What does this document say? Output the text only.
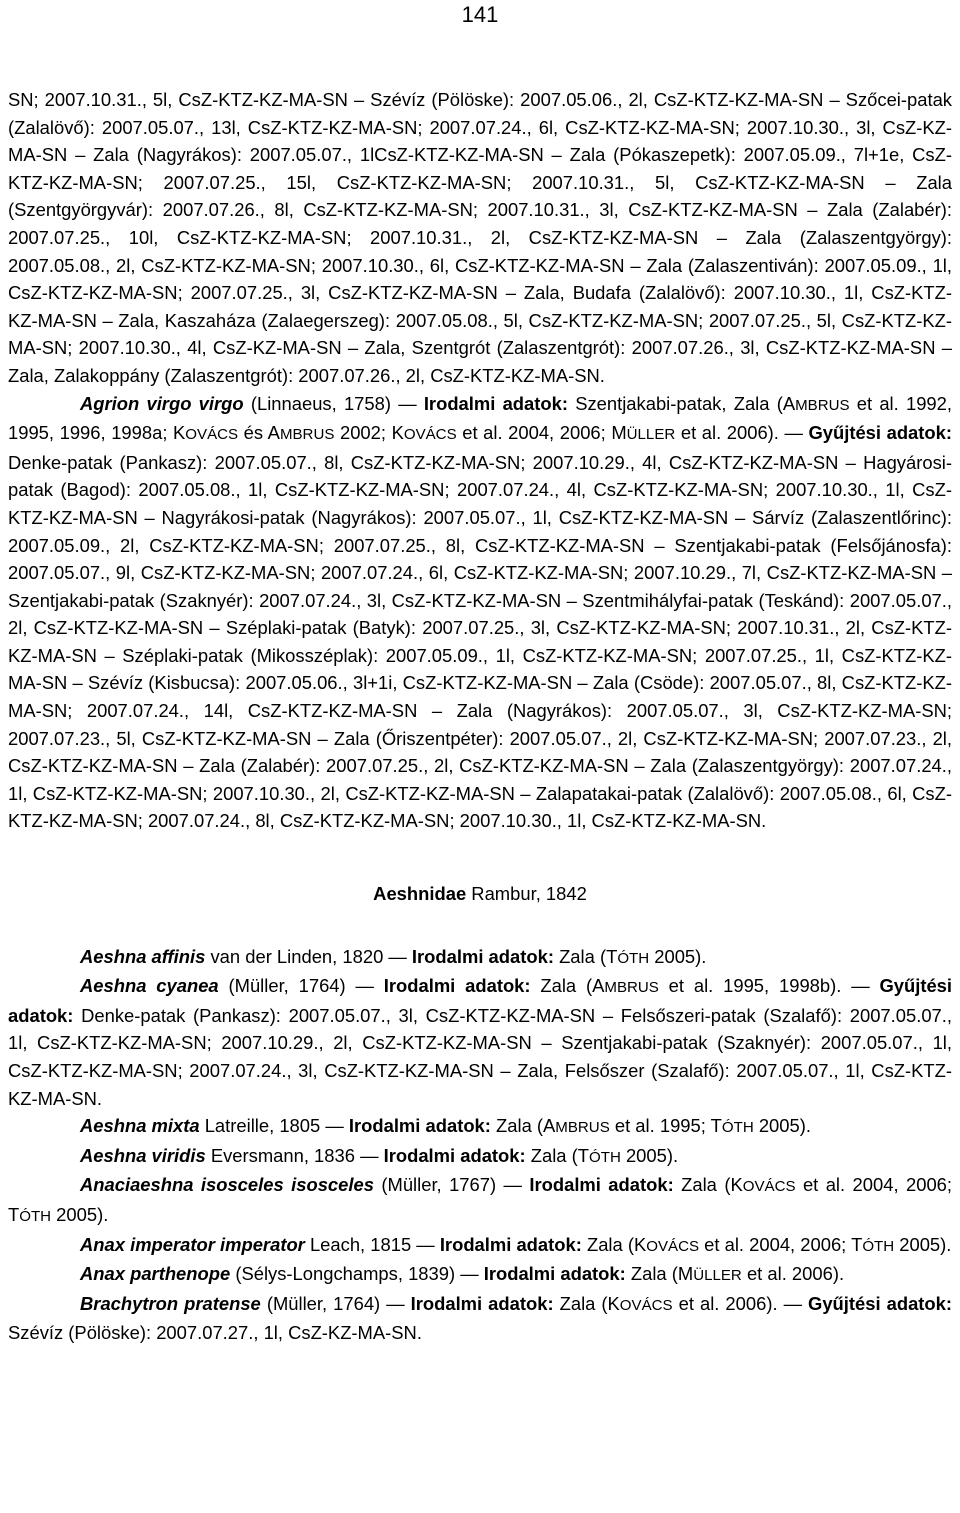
141

SN; 2007.10.31., 5l, CsZ-KTZ-KZ-MA-SN – Szévíz (Pölöske): 2007.05.06., 2l, CsZ-KTZ-KZ-MA-SN – Szőcei-patak (Zalalövő): 2007.05.07., 13l, CsZ-KTZ-KZ-MA-SN; 2007.07.24., 6l, CsZ-KTZ-KZ-MA-SN; 2007.10.30., 3l, CsZ-KZ-MA-SN – Zala (Nagyrákos): 2007.05.07., 1lCsZ-KTZ-KZ-MA-SN – Zala (Pókaszepetk): 2007.05.09., 7l+1e, CsZ-KTZ-KZ-MA-SN; 2007.07.25., 15l, CsZ-KTZ-KZ-MA-SN; 2007.10.31., 5l, CsZ-KTZ-KZ-MA-SN – Zala (Szentgyörgyvár): 2007.07.26., 8l, CsZ-KTZ-KZ-MA-SN; 2007.10.31., 3l, CsZ-KTZ-KZ-MA-SN – Zala (Zalabér): 2007.07.25., 10l, CsZ-KTZ-KZ-MA-SN; 2007.10.31., 2l, CsZ-KTZ-KZ-MA-SN – Zala (Zalaszentgyörgy): 2007.05.08., 2l, CsZ-KTZ-KZ-MA-SN; 2007.10.30., 6l, CsZ-KTZ-KZ-MA-SN – Zala (Zalaszentiván): 2007.05.09., 1l, CsZ-KTZ-KZ-MA-SN; 2007.07.25., 3l, CsZ-KTZ-KZ-MA-SN – Zala, Budafa (Zalalövő): 2007.10.30., 1l, CsZ-KTZ-KZ-MA-SN – Zala, Kaszaháza (Zalaegerszeg): 2007.05.08., 5l, CsZ-KTZ-KZ-MA-SN; 2007.07.25., 5l, CsZ-KTZ-KZ-MA-SN; 2007.10.30., 4l, CsZ-KZ-MA-SN – Zala, Szentgrót (Zalaszentgrót): 2007.07.26., 3l, CsZ-KTZ-KZ-MA-SN – Zala, Zalakoppány (Zalaszentgrót): 2007.07.26., 2l, CsZ-KTZ-KZ-MA-SN.

Agrion virgo virgo (Linnaeus, 1758) — Irodalmi adatok: Szentjakabi-patak, Zala (AMBRUS et al. 1992, 1995, 1996, 1998a; KOVÁCS és AMBRUS 2002; KOVÁCS et al. 2004, 2006; MÜLLER et al. 2006). — Gyűjtési adatok: Denke-patak (Pankasz): 2007.05.07., 8l, CsZ-KTZ-KZ-MA-SN; 2007.10.29., 4l, CsZ-KTZ-KZ-MA-SN – Hagyárosi-patak (Bagod): 2007.05.08., 1l, CsZ-KTZ-KZ-MA-SN; 2007.07.24., 4l, CsZ-KTZ-KZ-MA-SN; 2007.10.30., 1l, CsZ-KTZ-KZ-MA-SN – Nagyrákosi-patak (Nagyrákos): 2007.05.07., 1l, CsZ-KTZ-KZ-MA-SN – Sárvíz (Zalaszentlőrinc): 2007.05.09., 2l, CsZ-KTZ-KZ-MA-SN; 2007.07.25., 8l, CsZ-KTZ-KZ-MA-SN – Szentjakabi-patak (Felsőjánosfa): 2007.05.07., 9l, CsZ-KTZ-KZ-MA-SN; 2007.07.24., 6l, CsZ-KTZ-KZ-MA-SN; 2007.10.29., 7l, CsZ-KTZ-KZ-MA-SN – Szentjakabi-patak (Szaknyér): 2007.07.24., 3l, CsZ-KTZ-KZ-MA-SN – Szentmihályfai-patak (Teskánd): 2007.05.07., 2l, CsZ-KTZ-KZ-MA-SN – Széplaki-patak (Batyk): 2007.07.25., 3l, CsZ-KTZ-KZ-MA-SN; 2007.10.31., 2l, CsZ-KTZ-KZ-MA-SN – Széplaki-patak (Mikosszéplak): 2007.05.09., 1l, CsZ-KTZ-KZ-MA-SN; 2007.07.25., 1l, CsZ-KTZ-KZ-MA-SN – Szévíz (Kisbucsa): 2007.05.06., 3l+1i, CsZ-KTZ-KZ-MA-SN – Zala (Csöde): 2007.05.07., 8l, CsZ-KTZ-KZ-MA-SN; 2007.07.24., 14l, CsZ-KTZ-KZ-MA-SN – Zala (Nagyrákos): 2007.05.07., 3l, CsZ-KTZ-KZ-MA-SN; 2007.07.23., 5l, CsZ-KTZ-KZ-MA-SN – Zala (Őriszentpéter): 2007.05.07., 2l, CsZ-KTZ-KZ-MA-SN; 2007.07.23., 2l, CsZ-KTZ-KZ-MA-SN – Zala (Zalabér): 2007.07.25., 2l, CsZ-KTZ-KZ-MA-SN – Zala (Zalaszentgyörgy): 2007.07.24., 1l, CsZ-KTZ-KZ-MA-SN; 2007.10.30., 2l, CsZ-KTZ-KZ-MA-SN – Zalapatakai-patak (Zalalövő): 2007.05.08., 6l, CsZ-KTZ-KZ-MA-SN; 2007.07.24., 8l, CsZ-KTZ-KZ-MA-SN; 2007.10.30., 1l, CsZ-KTZ-KZ-MA-SN.

Aeshnidae Rambur, 1842

Aeshna affinis van der Linden, 1820 — Irodalmi adatok: Zala (TÓTH 2005).

Aeshna cyanea (Müller, 1764) — Irodalmi adatok: Zala (AMBRUS et al. 1995, 1998b). — Gyűjtési adatok: Denke-patak (Pankasz): 2007.05.07., 3l, CsZ-KTZ-KZ-MA-SN – Felsőszeri-patak (Szalafő): 2007.05.07., 1l, CsZ-KTZ-KZ-MA-SN; 2007.10.29., 2l, CsZ-KTZ-KZ-MA-SN – Szentjakabi-patak (Szaknyér): 2007.05.07., 1l, CsZ-KTZ-KZ-MA-SN; 2007.07.24., 3l, CsZ-KTZ-KZ-MA-SN – Zala, Felsőszer (Szalafő): 2007.05.07., 1l, CsZ-KTZ-KZ-MA-SN.

Aeshna mixta Latreille, 1805 — Irodalmi adatok: Zala (AMBRUS et al. 1995; TÓTH 2005).

Aeshna viridis Eversmann, 1836 — Irodalmi adatok: Zala (TÓTH 2005).

Anaciaeshna isosceles isosceles (Müller, 1767) — Irodalmi adatok: Zala (KOVÁCS et al. 2004, 2006; TÓTH 2005).

Anax imperator imperator Leach, 1815 — Irodalmi adatok: Zala (KOVÁCS et al. 2004, 2006; TÓTH 2005).

Anax parthenope (Sélys-Longchamps, 1839) — Irodalmi adatok: Zala (MÜLLER et al. 2006).

Brachytron pratense (Müller, 1764) — Irodalmi adatok: Zala (KOVÁCS et al. 2006). — Gyűjtési adatok: Szévíz (Pölöske): 2007.07.27., 1l, CsZ-KZ-MA-SN.
